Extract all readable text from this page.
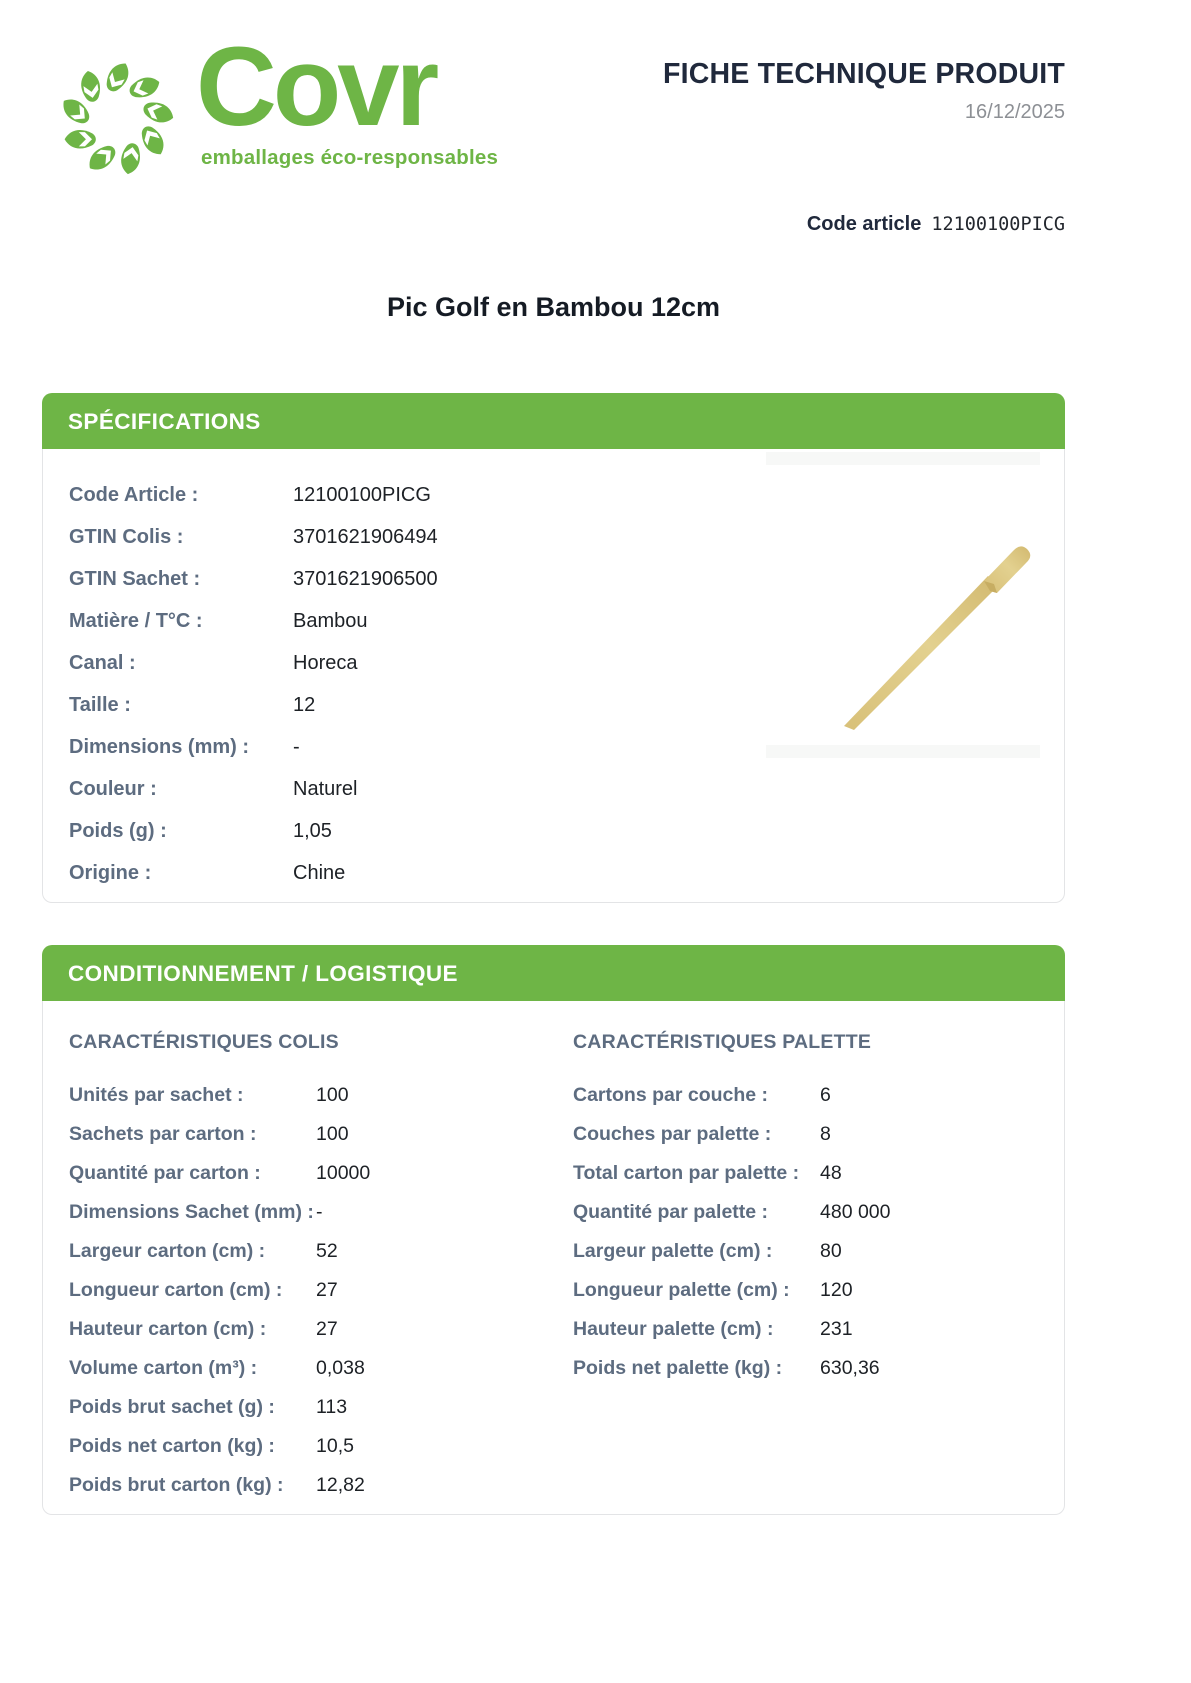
Covr
emballages éco-responsables
FICHE TECHNIQUE PRODUIT
16/12/2025
Code article 12100100PICG
Pic Golf en Bambou 12cm
SPÉCIFICATIONS
Code Article :	12100100PICG
GTIN Colis :	3701621906494
GTIN Sachet :	3701621906500
Matière / T°C :	Bambou
Canal :	Horeca
Taille :	12
Dimensions (mm) :	-
Couleur :	Naturel
Poids (g) :	1,05
Origine :	Chine
CONDITIONNEMENT / LOGISTIQUE
CARACTÉRISTIQUES COLIS
Unités par sachet :	100
Sachets par carton :	100
Quantité par carton :	10000
Dimensions Sachet (mm) : -
Largeur carton (cm) :	52
Longueur carton (cm) :	27
Hauteur carton (cm) :	27
Volume carton (m³) :	0,038
Poids brut sachet (g) :	113
Poids net carton (kg) :	10,5
Poids brut carton (kg) :	12,82
CARACTÉRISTIQUES PALETTE
Cartons par couche :	6
Couches par palette :	8
Total carton par palette :	48
Quantité par palette :	480 000
Largeur palette (cm) :	80
Longueur palette (cm) :	120
Hauteur palette (cm) :	231
Poids net palette (kg) :	630,36
